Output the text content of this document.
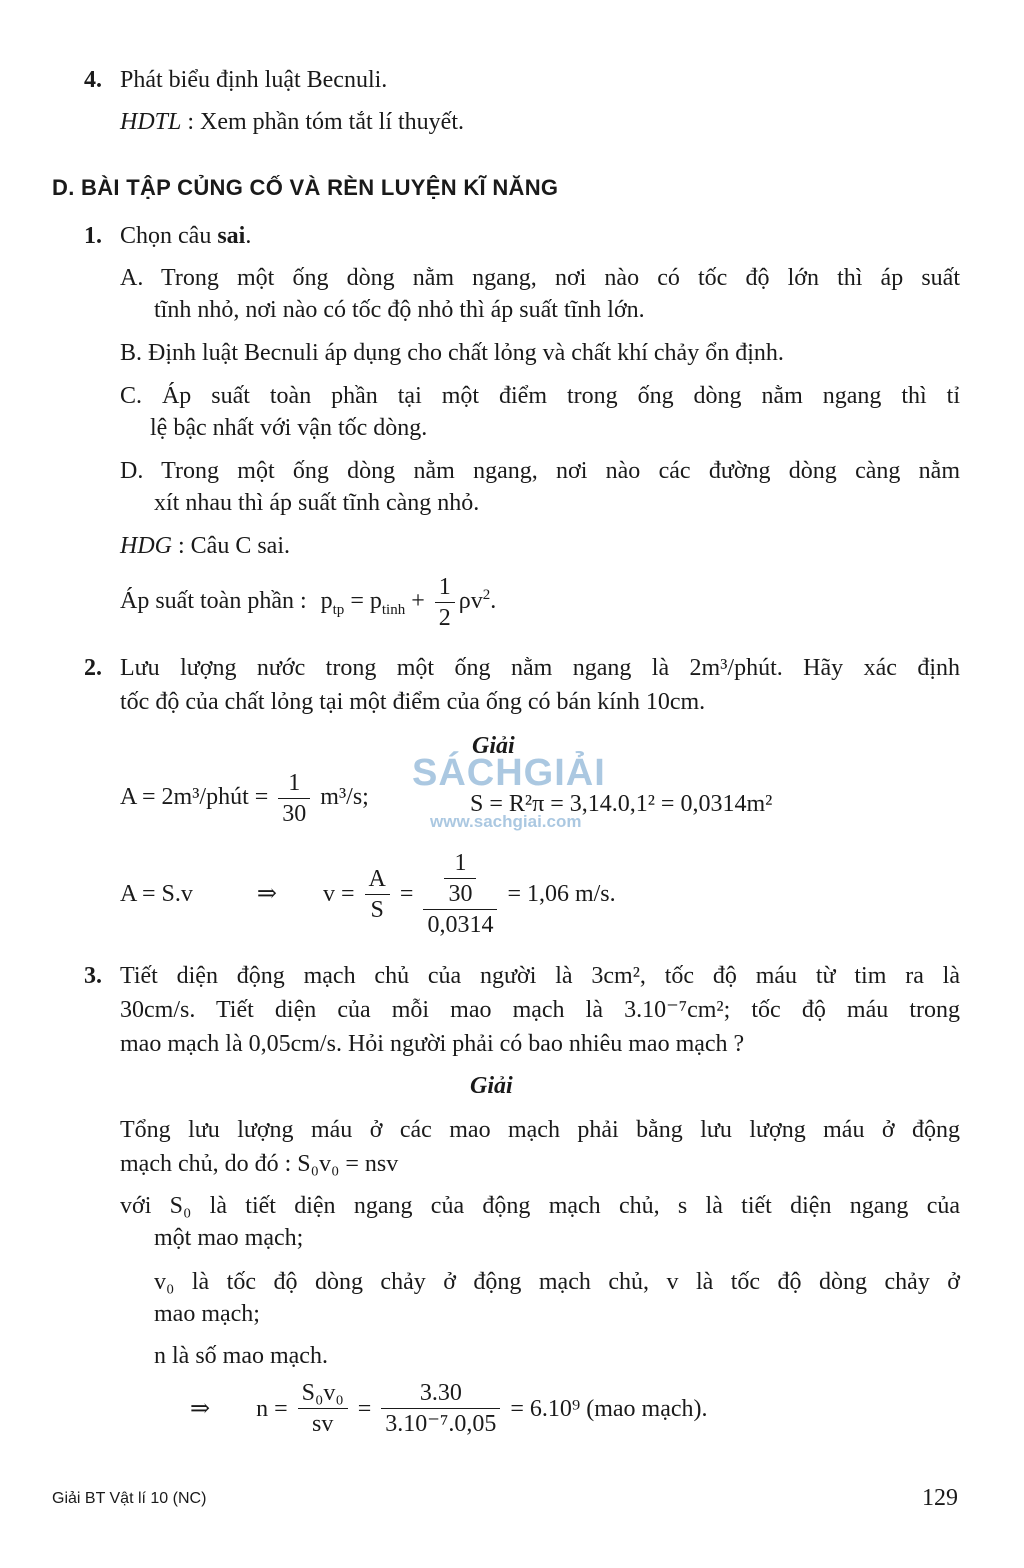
SÁCHGIẢI
www.sachgiai.com
4. Phát biểu định luật Becnuli.
HDTL : Xem phần tóm tắt lí thuyết.
D. BÀI TẬP CỦNG CỐ VÀ RÈN LUYỆN KĨ NĂNG
1. Chọn câu sai.
A. Trong một ống dòng nằm ngang, nơi nào có tốc độ lớn thì áp suất
tĩnh nhỏ, nơi nào có tốc độ nhỏ thì áp suất tĩnh lớn.
B. Định luật Becnuli áp dụng cho chất lỏng và chất khí chảy ổn định.
C. Áp suất toàn phần tại một điểm trong ống dòng nằm ngang thì tỉ
lệ bậc nhất với vận tốc dòng.
D. Trong một ống dòng nằm ngang, nơi nào các đường dòng càng nằm
xít nhau thì áp suất tĩnh càng nhỏ.
HDG : Câu C sai.
Áp suất toàn phần : $p_{tp} = p_{tinh} + \frac{1}{2} \rho v^2$.
2. Lưu lượng nước trong một ống nằm ngang là 2m³/phút. Hãy xác định
tốc độ của chất lỏng tại một điểm của ống có bán kính 10cm.
Giải
A = 2m³/phút = $\frac{1}{30} m^3/s$;	S = R²π = 3,14.0,1² = 0,0314m²
A = S.v	⇒ $v = \frac{A}{S} = \frac{\frac{1}{30}}{0,0314} = 1,06$ m/s.
3. Tiết diện động mạch chủ của người là 3cm², tốc độ máu từ tim ra là
30cm/s. Tiết diện của mỗi mao mạch là 3.10⁻⁷cm²; tốc độ máu trong
mao mạch là 0,05cm/s. Hỏi người phải có bao nhiêu mao mạch ?
Giải
Tổng lưu lượng máu ở các mao mạch phải bằng lưu lượng máu ở động
mạch chủ, do đó : S₀v₀ = nsv
với S₀ là tiết diện ngang của động mạch chủ, s là tiết diện ngang của
một mao mạch;
v₀ là tốc độ dòng chảy ở động mạch chủ, v là tốc độ dòng chảy ở
mao mạch;
n là số mao mạch.
⇒ $n = \frac{\text{S₀v₀}}{sv} = \frac{3.30}{\text{3.10⁻⁷.0,05}} = 6.10^9$ (mao mạch).
Giải BT Vật lí 10 (NC)	129
